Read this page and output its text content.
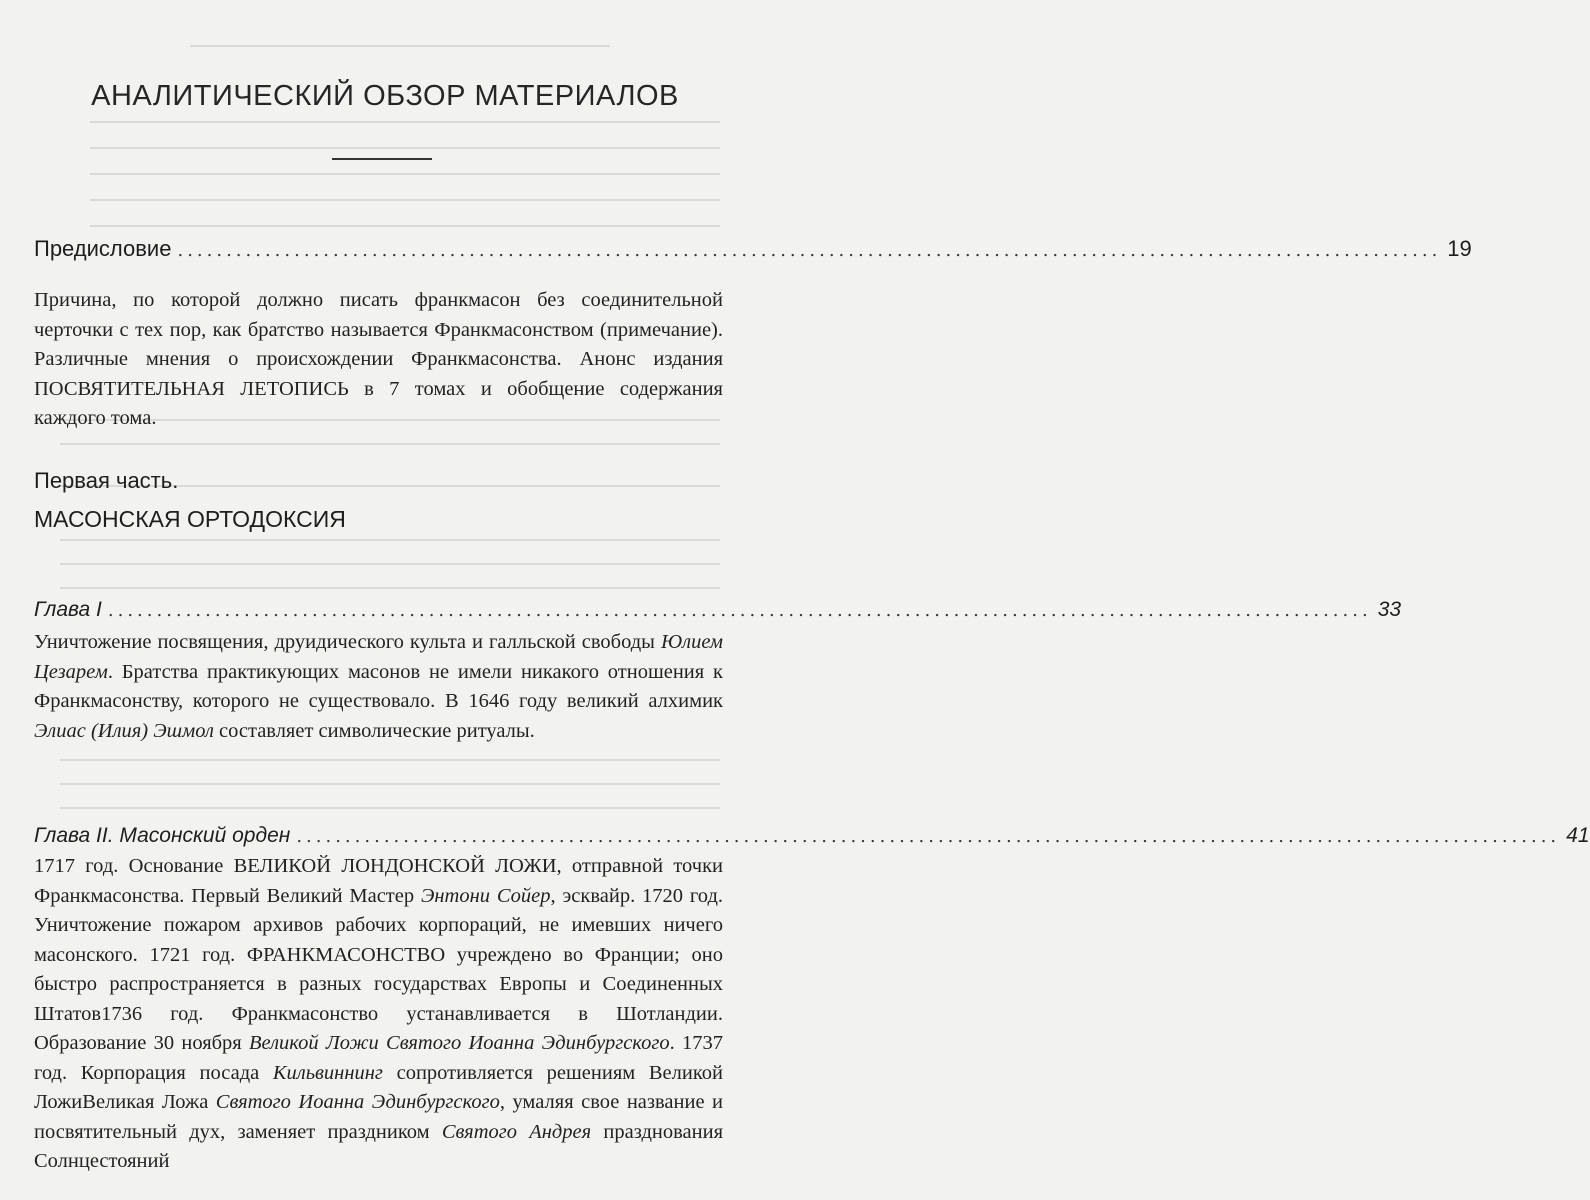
АНАЛИТИЧЕСКИЙ ОБЗОР МАТЕРИАЛОВ
Предисловие .................................................................................................................................. 19

Причина, по которой должно писать франкмасон без соединительной черточки с тех пор, как братство называется Франкмасонством (примечание). Различные мнения о происхождении Франкмасонства. Анонс издания ПОСВЯТИТЕЛЬНАЯ ЛЕТОПИСЬ в 7 томах и обобщение содержания каждого тома.

Первая часть.
МАСОНСКАЯ ОРТОДОКСИЯ
Глава I .................................................................................................................................. 33

Уничтожение посвящения, друидического культа и галльской свободы Юлием Цезарем. Братства практикующих масонов не имели никакого отношения к Франкмасонству, которого не существовало. В 1646 году великий алхимик Элиас (Илия) Эшмол составляет символические ритуалы.

Глава II. Масонский орден .................................................................................................................................. 41

1717 год. Основание ВЕЛИКОЙ ЛОНДОНСКОЙ ЛОЖИ, отправной точки Франкмасонства. Первый Великий Мастер Энтони Сойер, эсквайр. 1720 год. Уничтожение пожаром архивов рабочих корпораций, не имевших ничего масонского. 1721 год. ФРАНКМАСОНСТВО учреждено во Франции; оно быстро распространяется в разных государствах Европы и Соединенных Штатов1736 год. Франкмасонство устанавливается в Шотландии. Образование 30 ноября Великой Ложи Святого Иоанна Эдинбургского. 1737 год. Корпорация посада Кильвиннинг сопротивляется решениям Великой ЛожиВеликая Ложа Святого Иоанна Эдинбургского, умаляя свое название и посвятительный дух, заменяет праздником Святого Андрея празднования Солнцестояний
